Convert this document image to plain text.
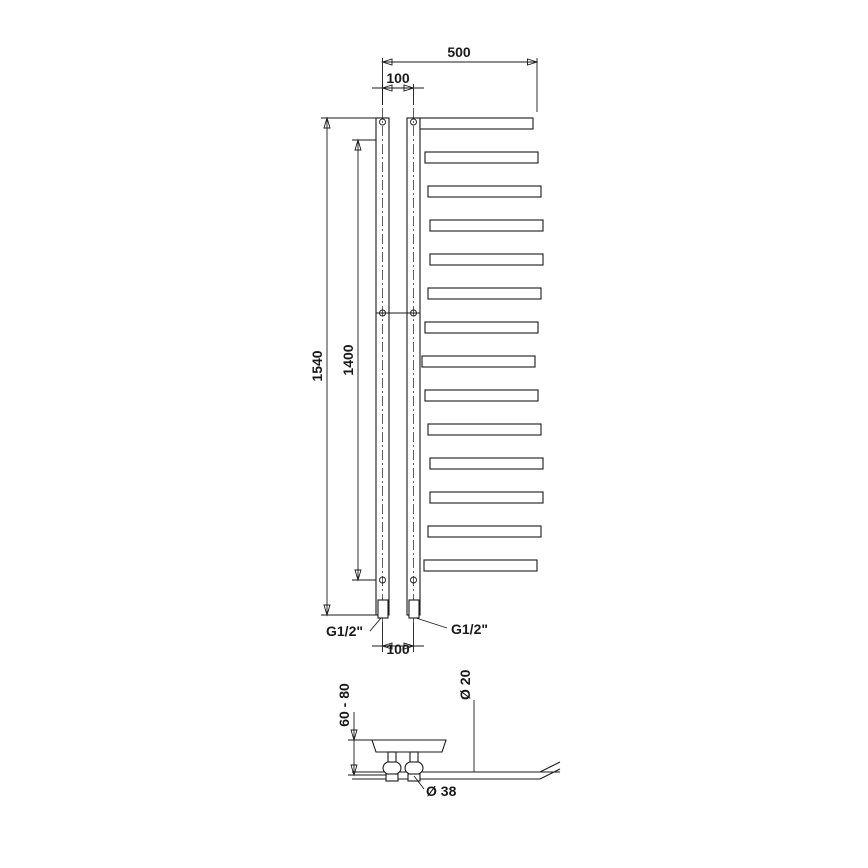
500
100
1540 1400
100
G1/2"	G1/2"
60 - 80	Ø 20
Ø 38
